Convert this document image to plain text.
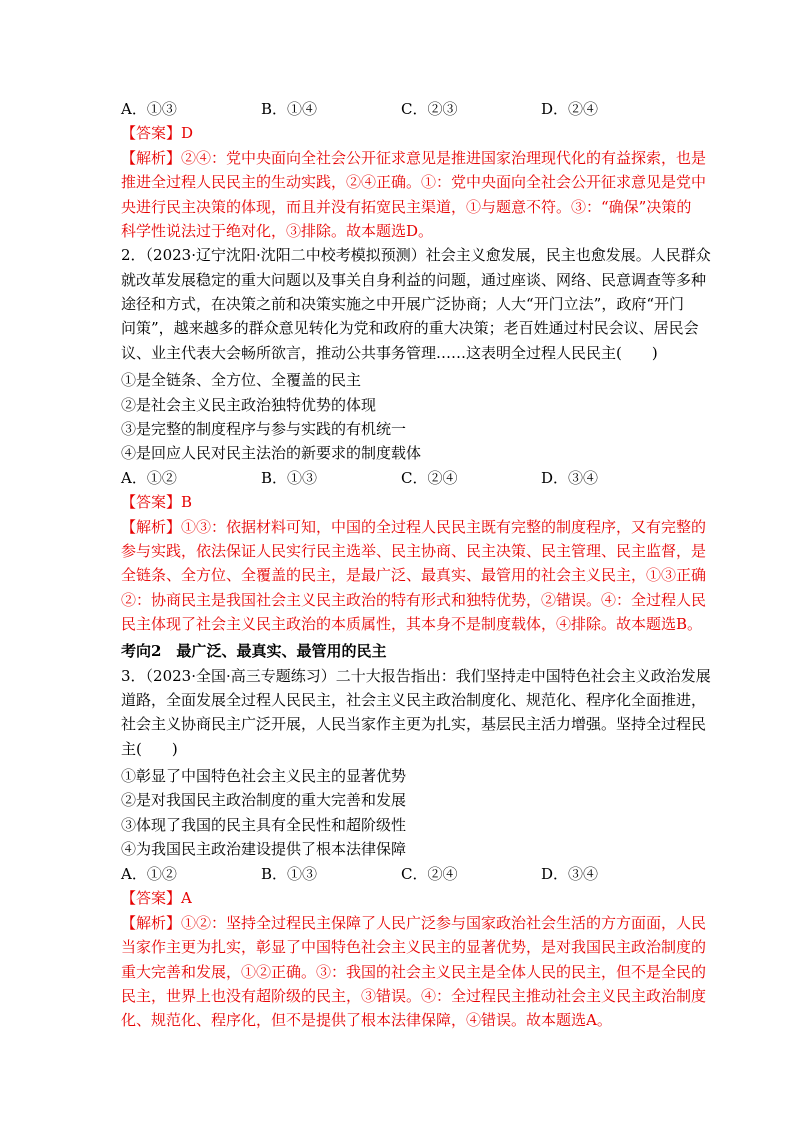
A．①③	B．①④	C．②③	D．②④
【答案】D
【解析】②④：党中央面向全社会公开征求意见是推进国家治理现代化的有益探索，也是
推进全过程人民民主的生动实践，②④正确。①：党中央面向全社会公开征求意见是党中
央进行民主决策的体现，而且并没有拓宽民主渠道，①与题意不符。③：“确保”决策的
科学性说法过于绝对化，③排除。故本题选D。
2．（2023·辽宁沈阳·沈阳二中校考模拟预测）社会主义愈发展，民主也愈发展。人民群众
就改革发展稳定的重大问题以及事关自身利益的问题，通过座谈、网络、民意调查等多种
途径和方式，在决策之前和决策实施之中开展广泛协商；人大“开门立法”，政府“开门
问策”，越来越多的群众意见转化为党和政府的重大决策；老百姓通过村民会议、居民会
议、业主代表大会畅所欲言，推动公共事务管理……这表明全过程人民民主(　　)
①是全链条、全方位、全覆盖的民主
②是社会主义民主政治独特优势的体现
③是完整的制度程序与参与实践的有机统一
④是回应人民对民主法治的新要求的制度载体
A．①②	B．①③	C．②④	D．③④
【答案】B
【解析】①③：依据材料可知，中国的全过程人民民主既有完整的制度程序，又有完整的
参与实践，依法保证人民实行民主选举、民主协商、民主决策、民主管理、民主监督，是
全链条、全方位、全覆盖的民主，是最广泛、最真实、最管用的社会主义民主，①③正确
②：协商民主是我国社会主义民主政治的特有形式和独特优势，②错误。④：全过程人民
民主体现了社会主义民主政治的本质属性，其本身不是制度载体，④排除。故本题选B。
考向2　最广泛、最真实、最管用的民主
3．（2023·全国·高三专题练习）二十大报告指出：我们坚持走中国特色社会主义政治发展
道路，全面发展全过程人民民主，社会主义民主政治制度化、规范化、程序化全面推进，
社会主义协商民主广泛开展，人民当家作主更为扎实，基层民主活力增强。坚持全过程民
主(　　)
①彰显了中国特色社会主义民主的显著优势
②是对我国民主政治制度的重大完善和发展
③体现了我国的民主具有全民性和超阶级性
④为我国民主政治建设提供了根本法律保障
A．①②	B．①③	C．②④	D．③④
【答案】A
【解析】①②：坚持全过程民主保障了人民广泛参与国家政治社会生活的方方面面，人民
当家作主更为扎实，彰显了中国特色社会主义民主的显著优势，是对我国民主政治制度的
重大完善和发展，①②正确。③：我国的社会主义民主是全体人民的民主，但不是全民的
民主，世界上也没有超阶级的民主，③错误。④：全过程民主推动社会主义民主政治制度
化、规范化、程序化，但不是提供了根本法律保障，④错误。故本题选A。
